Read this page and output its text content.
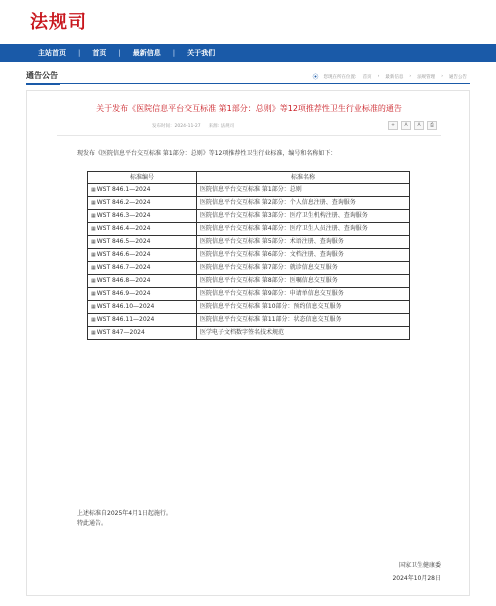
法规司
主站首页	|	首页	|	最新信息	|	关于我们
通告公告	⦿ 您现在所在位置: 首页 › 最新信息 › 法规管理 › 通告公告
关于发布《医院信息平台交互标准 第1部分：总则》等12项推荐性卫生行业标准的通告
发布时间：2024-11-27 来源: 法规司	+	A	A	⎙

现发布《医院信息平台交互标准 第1部分：总则》等12项推荐性卫生行业标准，编号和名称如下：

标准编号	标准名称
▦WST 846.1—2024	医院信息平台交互标准 第1部分：总则
▦WST 846.2—2024	医院信息平台交互标准 第2部分：个人信息注册、查询服务
▦WST 846.3—2024	医院信息平台交互标准 第3部分：医疗卫生机构注册、查询服务
▦WST 846.4—2024	医院信息平台交互标准 第4部分：医疗卫生人员注册、查询服务
▦WST 846.5—2024	医院信息平台交互标准 第5部分：术语注册、查询服务
▦WST 846.6—2024	医院信息平台交互标准 第6部分：文档注册、查询服务
▦WST 846.7—2024	医院信息平台交互标准 第7部分：就诊信息交互服务
▦WST 846.8—2024	医院信息平台交互标准 第8部分：医嘱信息交互服务
▦WST 846.9—2024	医院信息平台交互标准 第9部分：申请单信息交互服务
▦WST 846.10—2024	医院信息平台交互标准 第10部分：预约信息交互服务
▦WST 846.11—2024	医院信息平台交互标准 第11部分：状态信息交互服务
▦WST 847—2024	医学电子文档数字签名技术规范

上述标准自2025年4月1日起施行。

特此通告。

国家卫生健康委
2024年10月28日
